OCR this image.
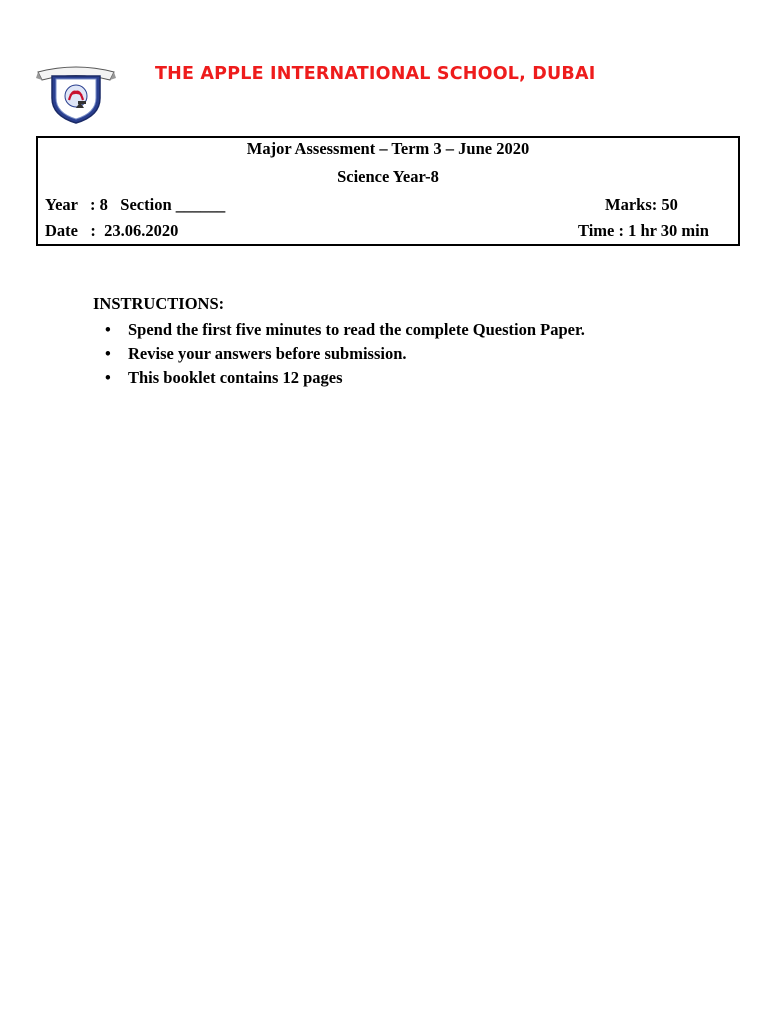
THE APPLE INTERNATIONAL SCHOOL, DUBAI
Major Assessment – Term 3 – June 2020
Science Year-8
Year   : 8   Section ______	Marks: 50
Date   :  23.06.2020	Time : 1 hr 30 min
INSTRUCTIONS:
• Spend the first five minutes to read the complete Question Paper.
• Revise your answers before submission.
• This booklet contains 12 pages
